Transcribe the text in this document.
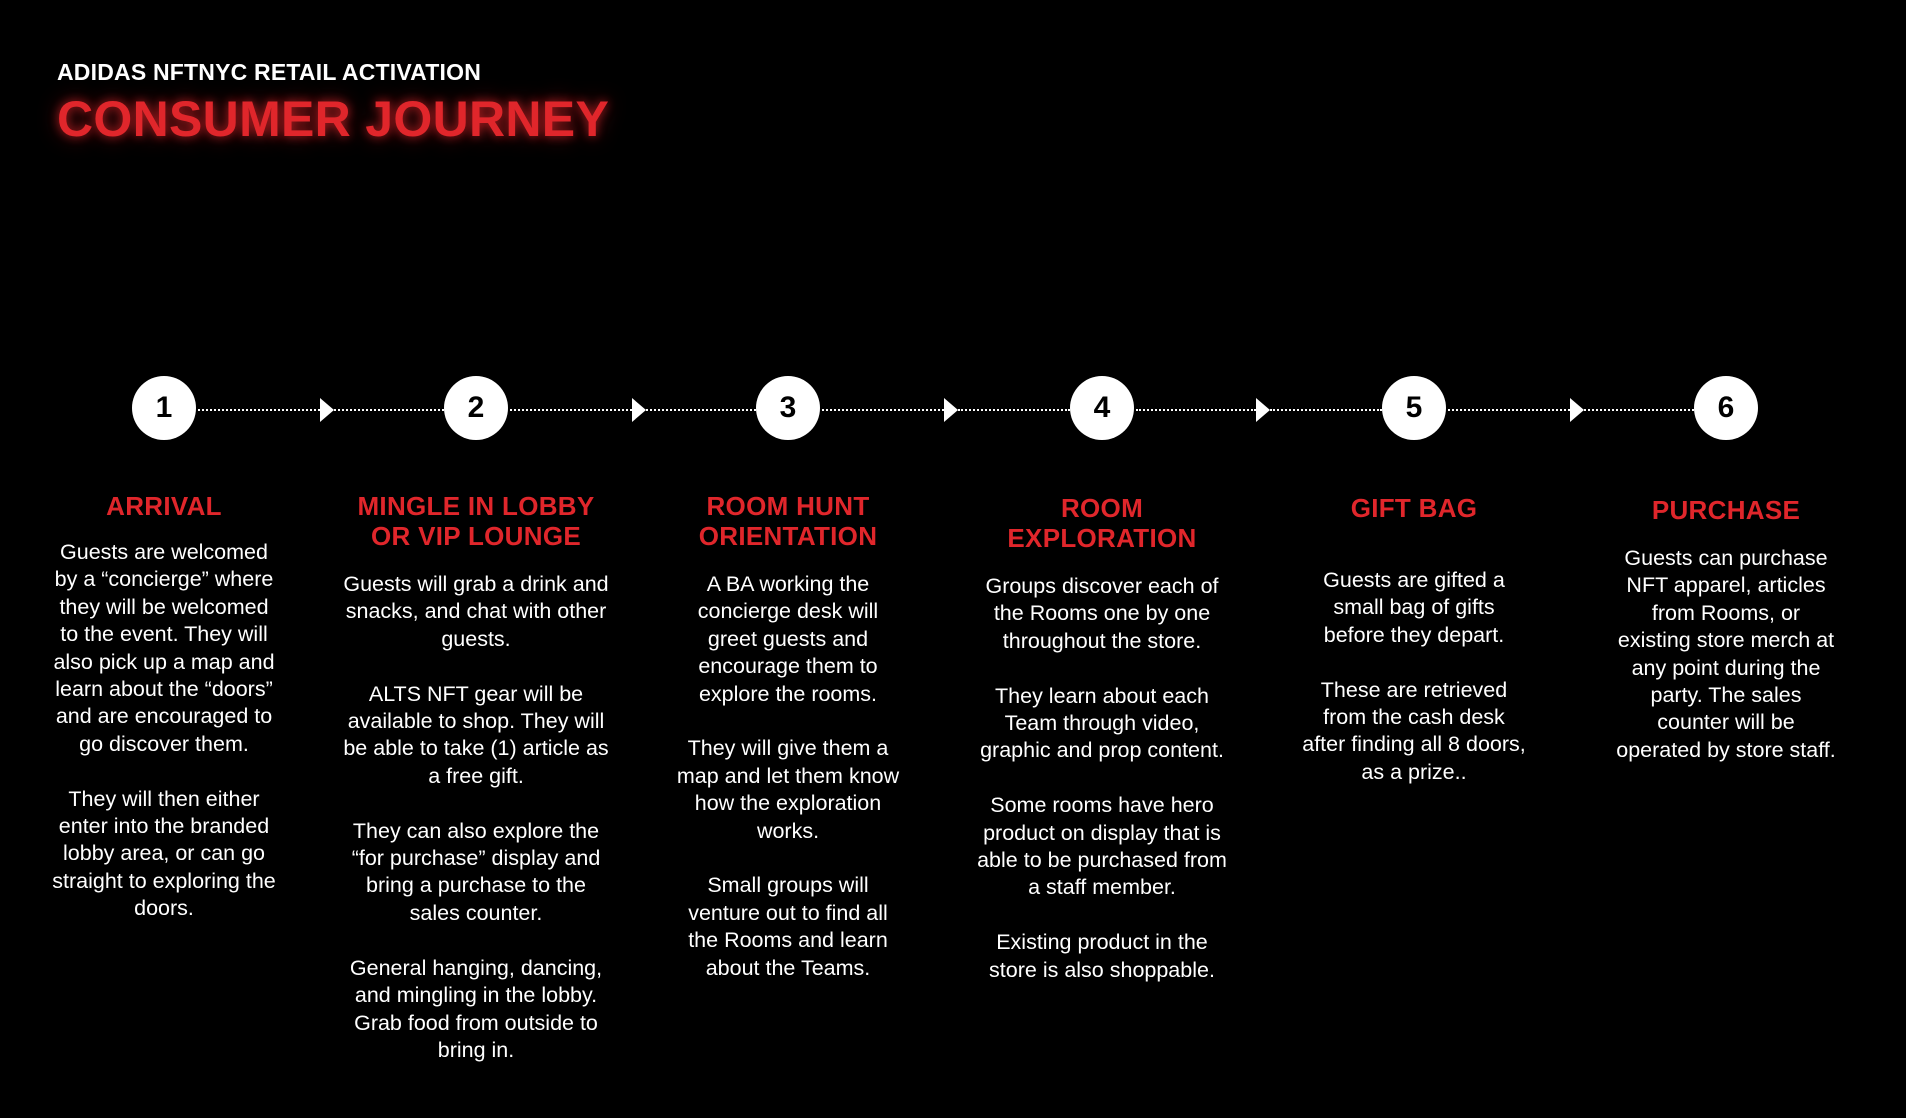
ADIDAS NFTNYC RETAIL ACTIVATION
CONSUMER JOURNEY
1	2	3	4	5	6
ARRIVAL
Guests are welcomed
by a “concierge” where
they will be welcomed
to the event. They will
also pick up a map and
learn about the “doors”
and are encouraged to
go discover them.

They will then either
enter into the branded
lobby area, or can go
straight to exploring the
doors.
MINGLE IN LOBBY
OR VIP LOUNGE
Guests will grab a drink and
snacks, and chat with other
guests.

ALTS NFT gear will be
available to shop. They will
be able to take (1) article as
a free gift.

They can also explore the
“for purchase” display and
bring a purchase to the
sales counter.

General hanging, dancing,
and mingling in the lobby.
Grab food from outside to
bring in.
ROOM HUNT
ORIENTATION
A BA working the
concierge desk will
greet guests and
encourage them to
explore the rooms.

They will give them a
map and let them know
how the exploration
works.

Small groups will
venture out to find all
the Rooms and learn
about the Teams.
ROOM
EXPLORATION
Groups discover each of
the Rooms one by one
throughout the store.

They learn about each
Team through video,
graphic and prop content.

Some rooms have hero
product on display that is
able to be purchased from
a staff member.

Existing product in the
store is also shoppable.
GIFT BAG
Guests are gifted a
small bag of gifts
before they depart.

These are retrieved
from the cash desk
after finding all 8 doors,
as a prize..
PURCHASE
Guests can purchase
NFT apparel, articles
from Rooms, or
existing store merch at
any point during the
party. The sales
counter will be
operated by store staff.
